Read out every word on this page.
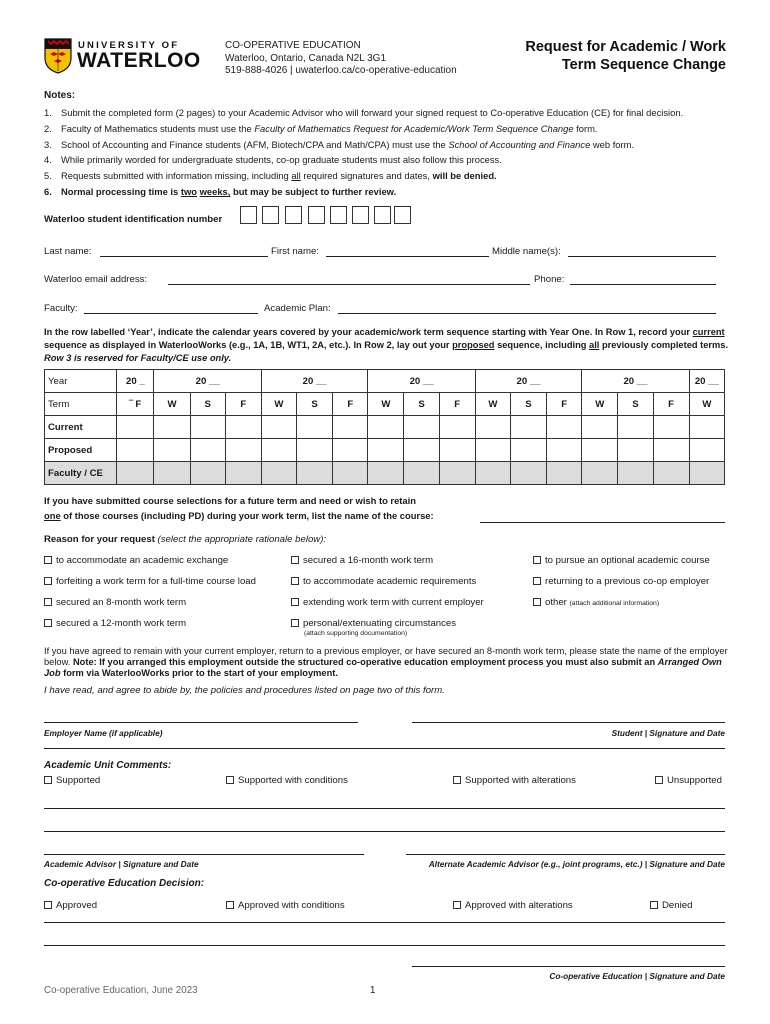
UNIVERSITY OF
WATERLOO
CO-OPERATIVE EDUCATION
Waterloo, Ontario, Canada N2L 3G1
519-888-4026 | uwaterloo.ca/co-operative-education
Request for Academic / Work
Term Sequence Change
Notes:
1. Submit the completed form (2 pages) to your Academic Advisor who will forward your signed request to Co-operative Education (CE) for final decision.
2. Faculty of Mathematics students must use the Faculty of Mathematics Request for Academic/Work Term Sequence Change form.
3. School of Accounting and Finance students (AFM, Biotech/CPA and Math/CPA) must use the School of Accounting and Finance web form.
4. While primarily worded for undergraduate students, co-op graduate students must also follow this process.
5. Requests submitted with information missing, including all required signatures and dates, will be denied.
6. Normal processing time is two weeks, but may be subject to further review.
Waterloo student identification number
Last name:	First name:	Middle name(s):
Waterloo email address:	Phone:
Faculty:	Academic Plan:
In the row labelled ‘Year’, indicate the calendar years covered by your academic/work term sequence starting with Year One. In Row 1, record your current sequence as displayed in WaterlooWorks (e.g., 1A, 1B, WT1, 2A, etc.). In Row 2, lay out your proposed sequence, including all previously completed terms. Row 3 is reserved for Faculty/CE use only.
Year	20 _	20 __			20 __			20 __			20 __			20 __			20 __
Term	‾ F	W	S	F	W	S	F	W	S	F	W	S	F	W	S	F	W
Current																	
Proposed																	
Faculty / CE																	
If you have submitted course selections for a future term and need or wish to retain
one of those courses (including PD) during your work term, list the name of the course:
Reason for your request (select the appropriate rationale below):
to accommodate an academic exchange	secured a 16-month work term	to pursue an optional academic course
forfeiting a work term for a full-time course load	to accommodate academic requirements	returning to a previous co-op employer
secured an 8-month work term	extending work term with current employer	other (attach additional information)
secured a 12-month work term	personal/extenuating circumstances
(attach supporting documentation)
If you have agreed to remain with your current employer, return to a previous employer, or have secured an 8-month work term, please state the name of the employer below. Note: If you arranged this employment outside the structured co-operative education employment process you must also submit an Arranged Own Job form via WaterlooWorks prior to the start of your employment.
I have read, and agree to abide by, the policies and procedures listed on page two of this form.
Employer Name (if applicable)	Student | Signature and Date
Academic Unit Comments:
Supported	Supported with conditions	Supported with alterations	Unsupported
Academic Advisor | Signature and Date	Alternate Academic Advisor (e.g., joint programs, etc.) | Signature and Date
Co-operative Education Decision:
Approved	Approved with conditions	Approved with alterations	Denied
Co-operative Education | Signature and Date
Co-operative Education, June 2023	1
